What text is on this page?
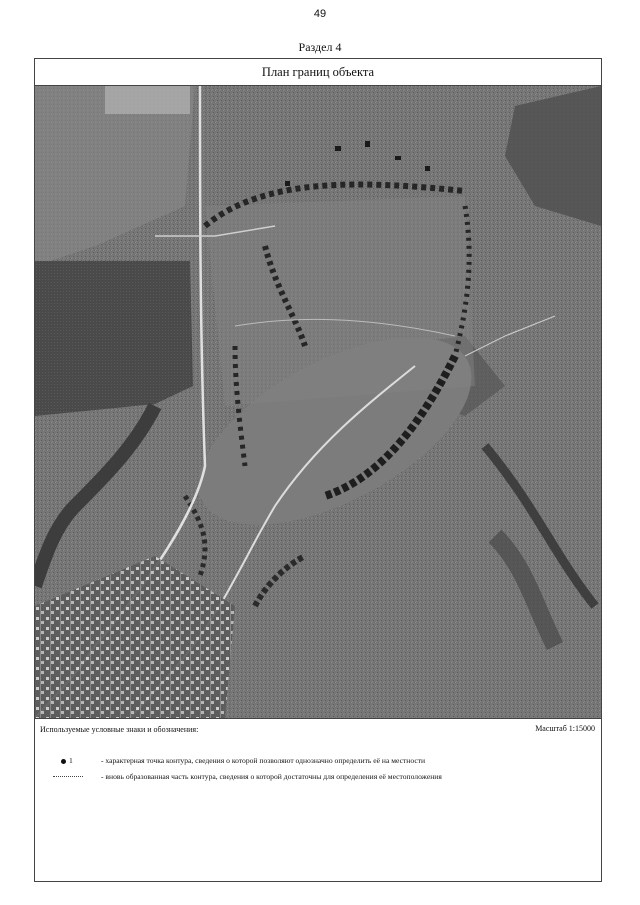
49
Раздел 4
План границ объекта
Используемые условные знаки и обозначения:	Масштаб 1:15000
1	- характерная точка контура, сведения о которой позволяют однозначно определить её на местности
- вновь образованная часть контура, сведения о которой достаточны для определения её местоположения
